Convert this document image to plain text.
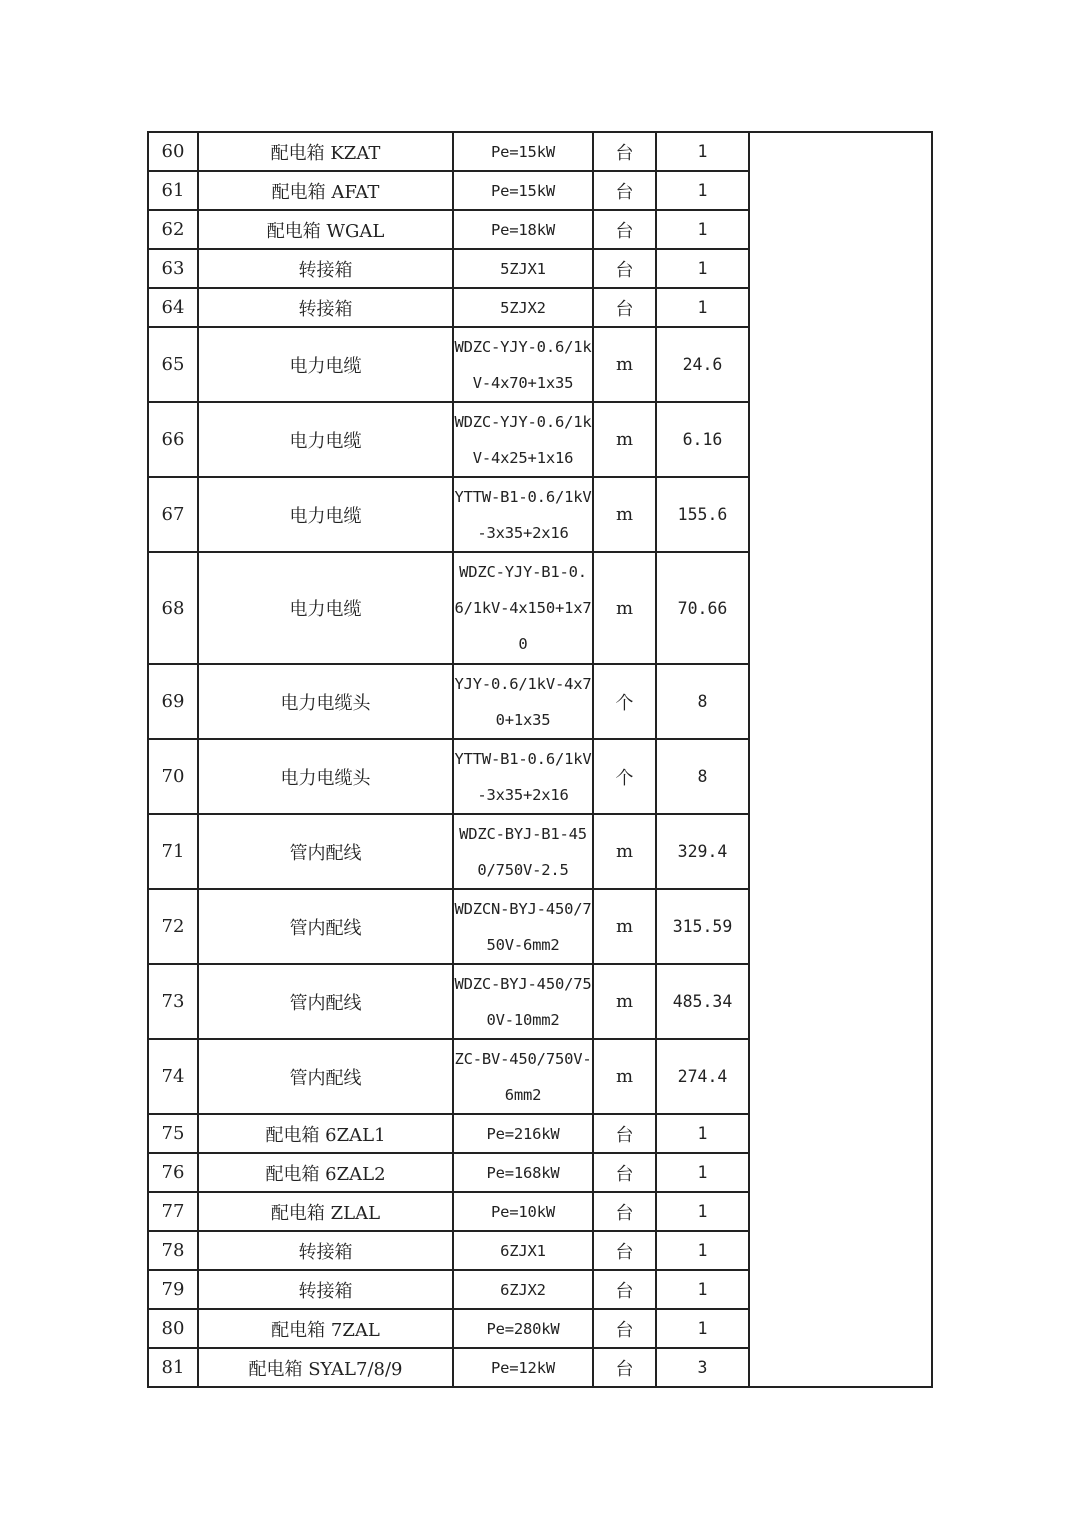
60	配电箱 KZAT	Pe=15kW	台	1	
61	配电箱 AFAT	Pe=15kW	台	1	
62	配电箱 WGAL	Pe=18kW	台	1	
63	转接箱	5ZJX1	台	1	
64	转接箱	5ZJX2	台	1	
65	电力电缆	WDZC-YJY-0.6/1kV-4x70+1x35	m	24.6	
66	电力电缆	WDZC-YJY-0.6/1kV-4x25+1x16	m	6.16	
67	电力电缆	YTTW-B1-0.6/1kV-3x35+2x16	m	155.6	
68	电力电缆	WDZC-YJY-B1-0.6/1kV-4x150+1x70	m	70.66	
69	电力电缆头	YJY-0.6/1kV-4x70+1x35	个	8	
70	电力电缆头	YTTW-B1-0.6/1kV-3x35+2x16	个	8	
71	管内配线	WDZC-BYJ-B1-450/750V-2.5	m	329.4	
72	管内配线	WDZCN-BYJ-450/750V-6mm2	m	315.59	
73	管内配线	WDZC-BYJ-450/750V-10mm2	m	485.34	
74	管内配线	ZC-BV-450/750V-6mm2	m	274.4	
75	配电箱 6ZAL1	Pe=216kW	台	1	
76	配电箱 6ZAL2	Pe=168kW	台	1	
77	配电箱 ZLAL	Pe=10kW	台	1	
78	转接箱	6ZJX1	台	1	
79	转接箱	6ZJX2	台	1	
80	配电箱 7ZAL	Pe=280kW	台	1	
81	配电箱 SYAL7/8/9	Pe=12kW	台	3	
